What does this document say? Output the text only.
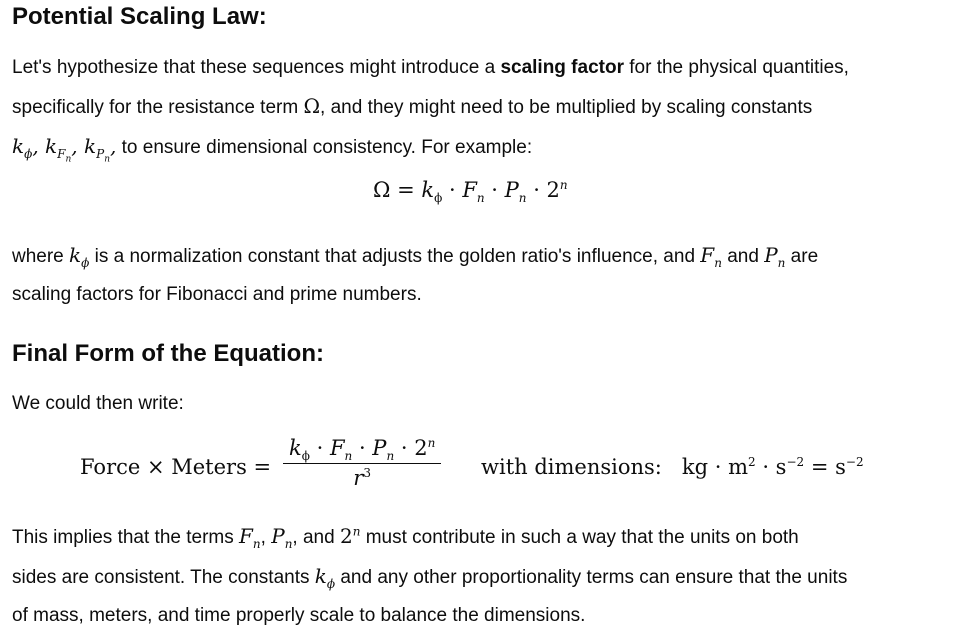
Potential Scaling Law:

Let's hypothesize that these sequences might introduce a scaling factor for the physical quantities,
specifically for the resistance term Ω, and they might need to be multiplied by scaling constants
$k_\phi$, $k_{F_n}$, $k_{P_n}$, to ensure dimensional consistency. For example:

$\Omega = k_\phi \cdot F_n \cdot P_n \cdot 2^n$

where $k_\phi$ is a normalization constant that adjusts the golden ratio's influence, and $F_n$ and $P_n$ are
scaling factors for Fibonacci and prime numbers.

Final Form of the Equation:

We could then write:

Force × Meters = $\frac{k_\phi \cdot F_n \cdot P_n \cdot 2^n}{r^3}$ with dimensions: kg · $m^2 \cdot s^{-2} = s^{-2}$

This implies that the terms $F_n$, $P_n$, and 2$^n$ must contribute in such a way that the units on both
sides are consistent. The constants $k_\phi$ and any other proportionality terms can ensure that the units
of mass, meters, and time properly scale to balance the dimensions.
